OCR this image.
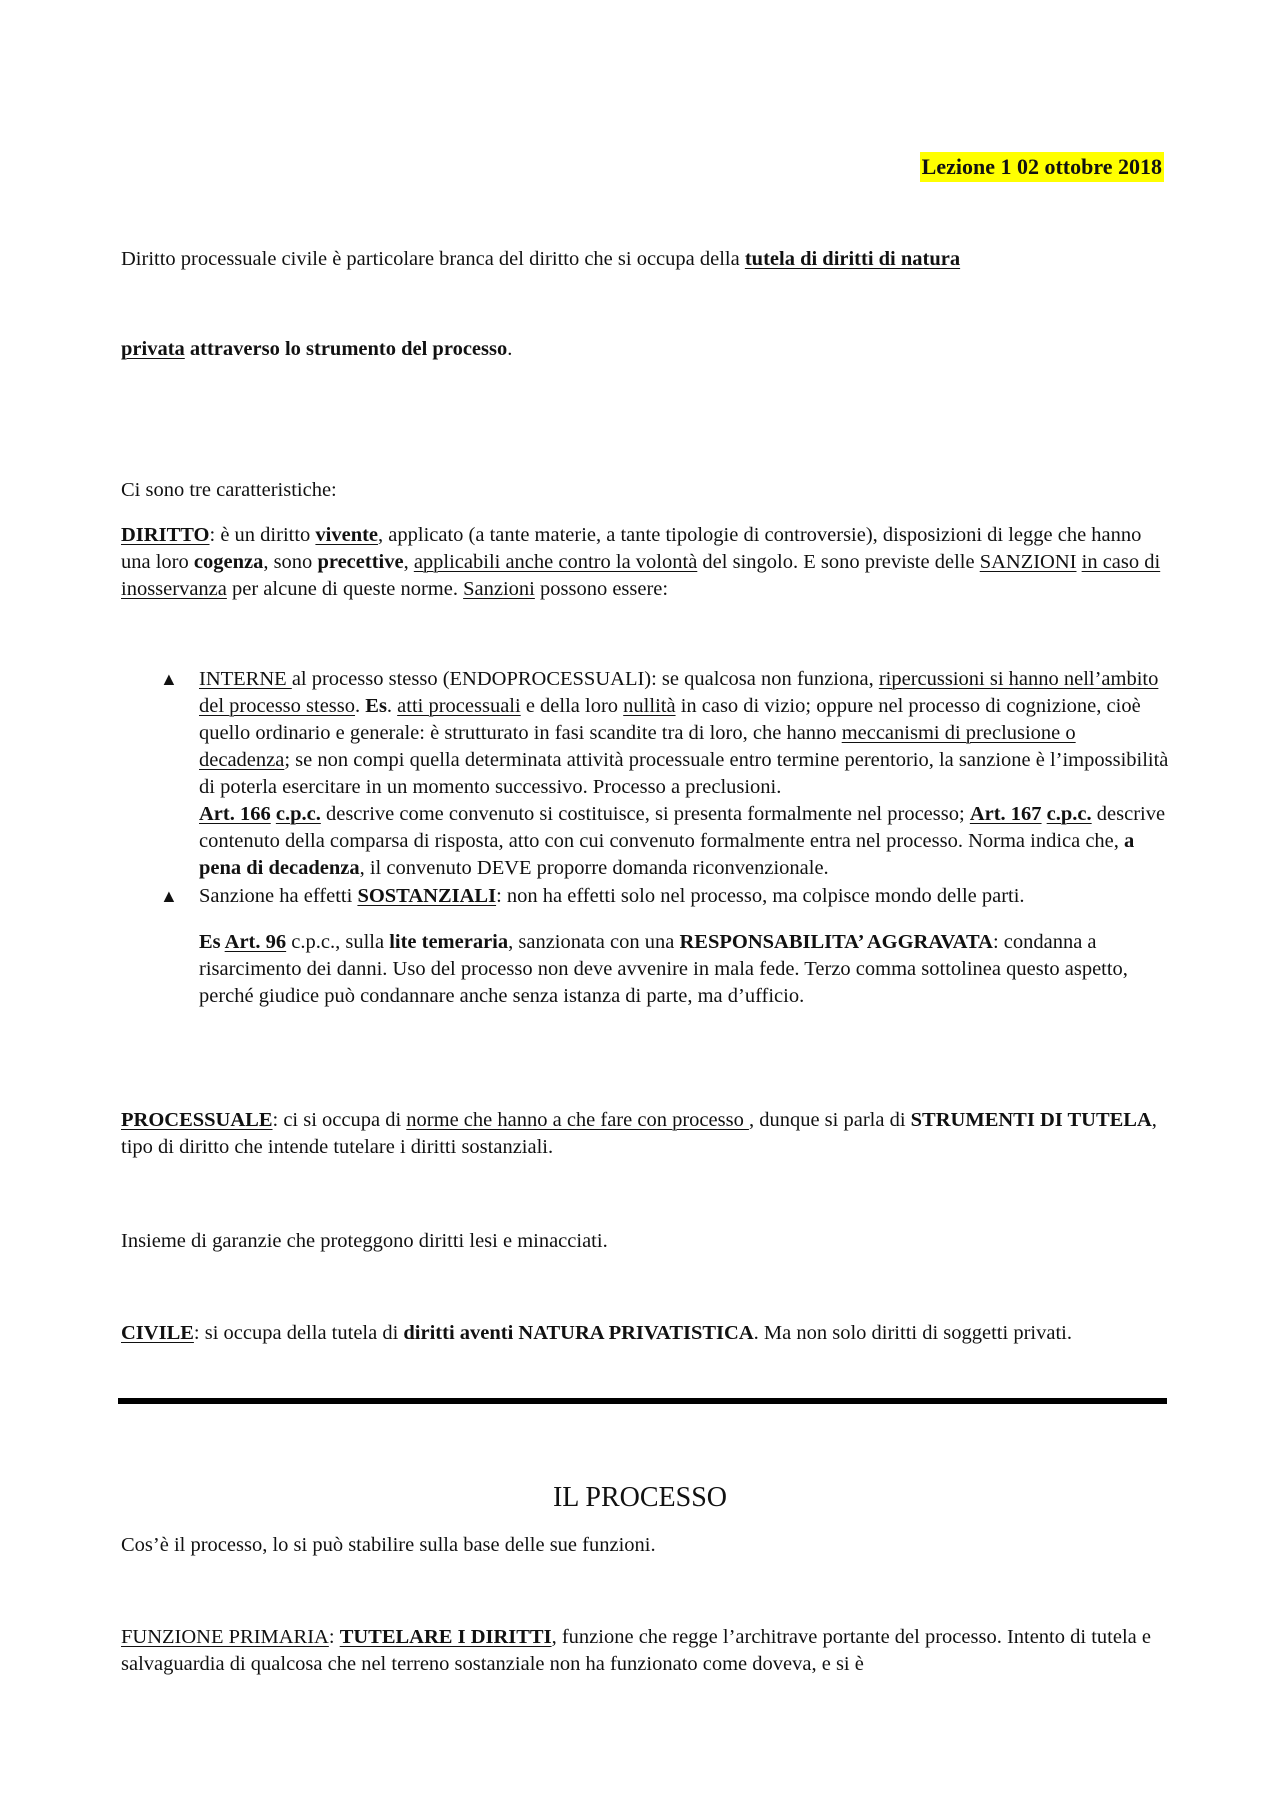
Lezione 1 02 ottobre 2018
Diritto processuale civile è particolare branca del diritto che si occupa della tutela di diritti di natura
privata attraverso lo strumento del processo.
Ci sono tre caratteristiche:
DIRITTO: è un diritto vivente, applicato (a tante materie, a tante tipologie di controversie), disposizioni di legge che hanno una loro cogenza, sono precettive, applicabili anche contro la volontà del singolo. E sono previste delle SANZIONI in caso di inosservanza per alcune di queste norme. Sanzioni possono essere:
▲ INTERNE al processo stesso (ENDOPROCESSUALI): se qualcosa non funziona, ripercussioni si hanno nell’ambito del processo stesso. Es. atti processuali e della loro nullità in caso di vizio; oppure nel processo di cognizione, cioè quello ordinario e generale: è strutturato in fasi scandite tra di loro, che hanno meccanismi di preclusione o decadenza; se non compi quella determinata attività processuale entro termine perentorio, la sanzione è l’impossibilità di poterla esercitare in un momento successivo. Processo a preclusioni.
Art. 166 c.p.c. descrive come convenuto si costituisce, si presenta formalmente nel processo; Art. 167 c.p.c. descrive contenuto della comparsa di risposta, atto con cui convenuto formalmente entra nel processo. Norma indica che, a pena di decadenza, il convenuto DEVE proporre domanda riconvenzionale.
▲ Sanzione ha effetti SOSTANZIALI: non ha effetti solo nel processo, ma colpisce mondo delle parti.
Es Art. 96 c.p.c., sulla lite temeraria, sanzionata con una RESPONSABILITA’ AGGRAVATA: condanna a risarcimento dei danni. Uso del processo non deve avvenire in mala fede. Terzo comma sottolinea questo aspetto, perché giudice può condannare anche senza istanza di parte, ma d’ufficio.
PROCESSUALE: ci si occupa di norme che hanno a che fare con processo , dunque si parla di STRUMENTI DI TUTELA, tipo di diritto che intende tutelare i diritti sostanziali.
Insieme di garanzie che proteggono diritti lesi e minacciati.
CIVILE: si occupa della tutela di diritti aventi NATURA PRIVATISTICA. Ma non solo diritti di soggetti privati.
IL PROCESSO
Cos’è il processo, lo si può stabilire sulla base delle sue funzioni.
FUNZIONE PRIMARIA: TUTELARE I DIRITTI, funzione che regge l’architrave portante del processo. Intento di tutela e salvaguardia di qualcosa che nel terreno sostanziale non ha funzionato come doveva, e si è
